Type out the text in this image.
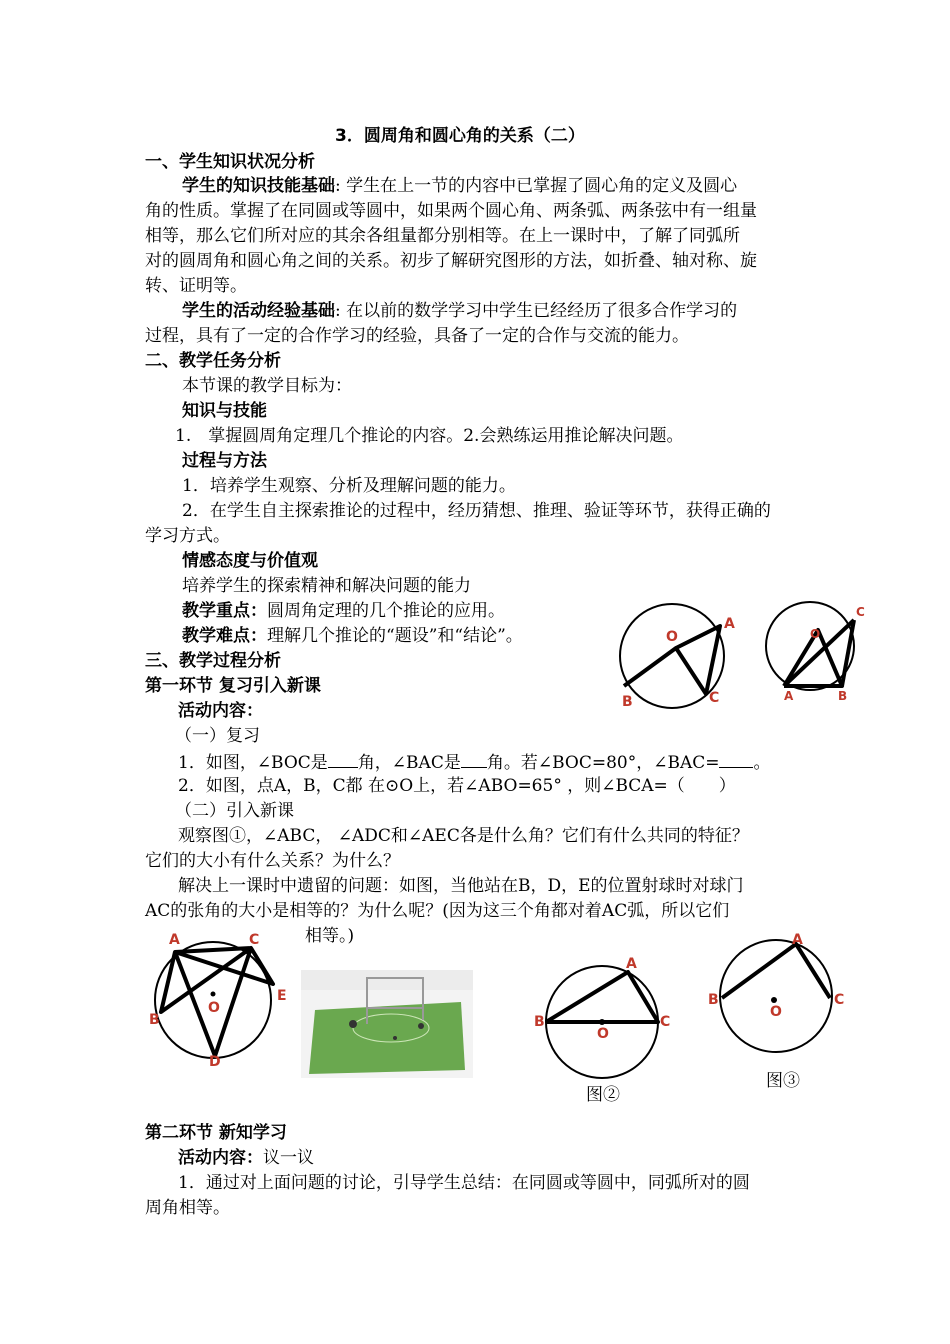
3．圆周角和圆心角的关系（二）
一、学生知识状况分析
学生的知识技能基础: 学生在上一节的内容中已掌握了圆心角的定义及圆心
角的性质。掌握了在同圆或等圆中，如果两个圆心角、两条弧、两条弦中有一组量
相等，那么它们所对应的其余各组量都分别相等。在上一课时中，了解了同弧所
对的圆周角和圆心角之间的关系。初步了解研究图形的方法，如折叠、轴对称、旋
转、证明等。
学生的活动经验基础: 在以前的数学学习中学生已经经历了很多合作学习的
过程，具有了一定的合作学习的经验，具备了一定的合作与交流的能力。
二、教学任务分析
本节课的教学目标为：
知识与技能
1.　掌握圆周角定理几个推论的内容。2.会熟练运用推论解决问题。
过程与方法
1．培养学生观察、分析及理解问题的能力。
2．在学生自主探索推论的过程中，经历猜想、推理、验证等环节，获得正确的
学习方式。
情感态度与价值观
培养学生的探索精神和解决问题的能力
教学重点：圆周角定理的几个推论的应用。
教学难点：理解几个推论的“题设”和“结论”。
三、教学过程分析
第一环节 复习引入新课
活动内容：
（一）复习
1．如图，∠BOC是 角，∠BAC是 角。若∠BOC=80°，∠BAC= 。
2．如图，点A，B，C都 在⊙O上，若∠ABO=65° ，则∠BCA=（　　）
（二）引入新课
观察图①，∠ABC， ∠ADC和∠AEC各是什么角？它们有什么共同的特征？
它们的大小有什么关系？为什么？
解决上一课时中遗留的问题：如图，当他站在B，D，E的位置射球时对球门
AC的张角的大小是相等的？为什么呢？(因为这三个角都对着AC弧，所以它们
相等。)
O
A
B	C
O
C
A	B
A	C
E
B
O
D
A
B
O
C
图②
A
B
O
C
图③
第二环节 新知学习
活动内容：议一议
1．通过对上面问题的讨论，引导学生总结：在同圆或等圆中，同弧所对的圆
周角相等。
